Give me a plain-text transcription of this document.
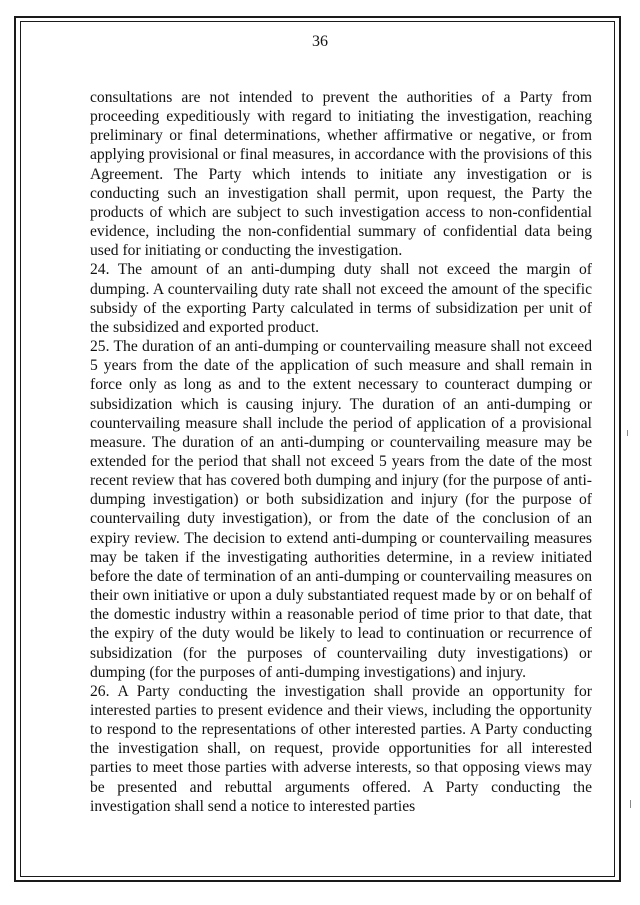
36

consultations are not intended to prevent the authorities of a Party from proceeding expeditiously with regard to initiating the investigation, reaching preliminary or final determinations, whether affirmative or negative, or from applying provisional or final measures, in accordance with the provisions of this Agreement. The Party which intends to initiate any investigation or is conducting such an investigation shall permit, upon request, the Party the products of which are subject to such investigation access to non-confidential evidence, including the non-confidential summary of confidential data being used for initiating or conducting the investigation.

24. The amount of an anti-dumping duty shall not exceed the margin of dumping. A countervailing duty rate shall not exceed the amount of the specific subsidy of the exporting Party calculated in terms of subsidization per unit of the subsidized and exported product.

25. The duration of an anti-dumping or countervailing measure shall not exceed 5 years from the date of the application of such measure and shall remain in force only as long as and to the extent necessary to counteract dumping or subsidization which is causing injury. The duration of an anti-dumping or countervailing measure shall include the period of application of a provisional measure. The duration of an anti-dumping or countervailing measure may be extended for the period that shall not exceed 5 years from the date of the most recent review that has covered both dumping and injury (for the purpose of anti-dumping investigation) or both subsidization and injury (for the purpose of countervailing duty investigation), or from the date of the conclusion of an expiry review. The decision to extend anti-dumping or countervailing measures may be taken if the investigating authorities determine, in a review initiated before the date of termination of an anti-dumping or countervailing measures on their own initiative or upon a duly substantiated request made by or on behalf of the domestic industry within a reasonable period of time prior to that date, that the expiry of the duty would be likely to lead to continuation or recurrence of subsidization (for the purposes of countervailing duty investigations) or dumping (for the purposes of anti-dumping investigations) and injury.

26. A Party conducting the investigation shall provide an opportunity for interested parties to present evidence and their views, including the opportunity to respond to the representations of other interested parties. A Party conducting the investigation shall, on request, provide opportunities for all interested parties to meet those parties with adverse interests, so that opposing views may be presented and rebuttal arguments offered. A Party conducting the investigation shall send a notice to interested parties
